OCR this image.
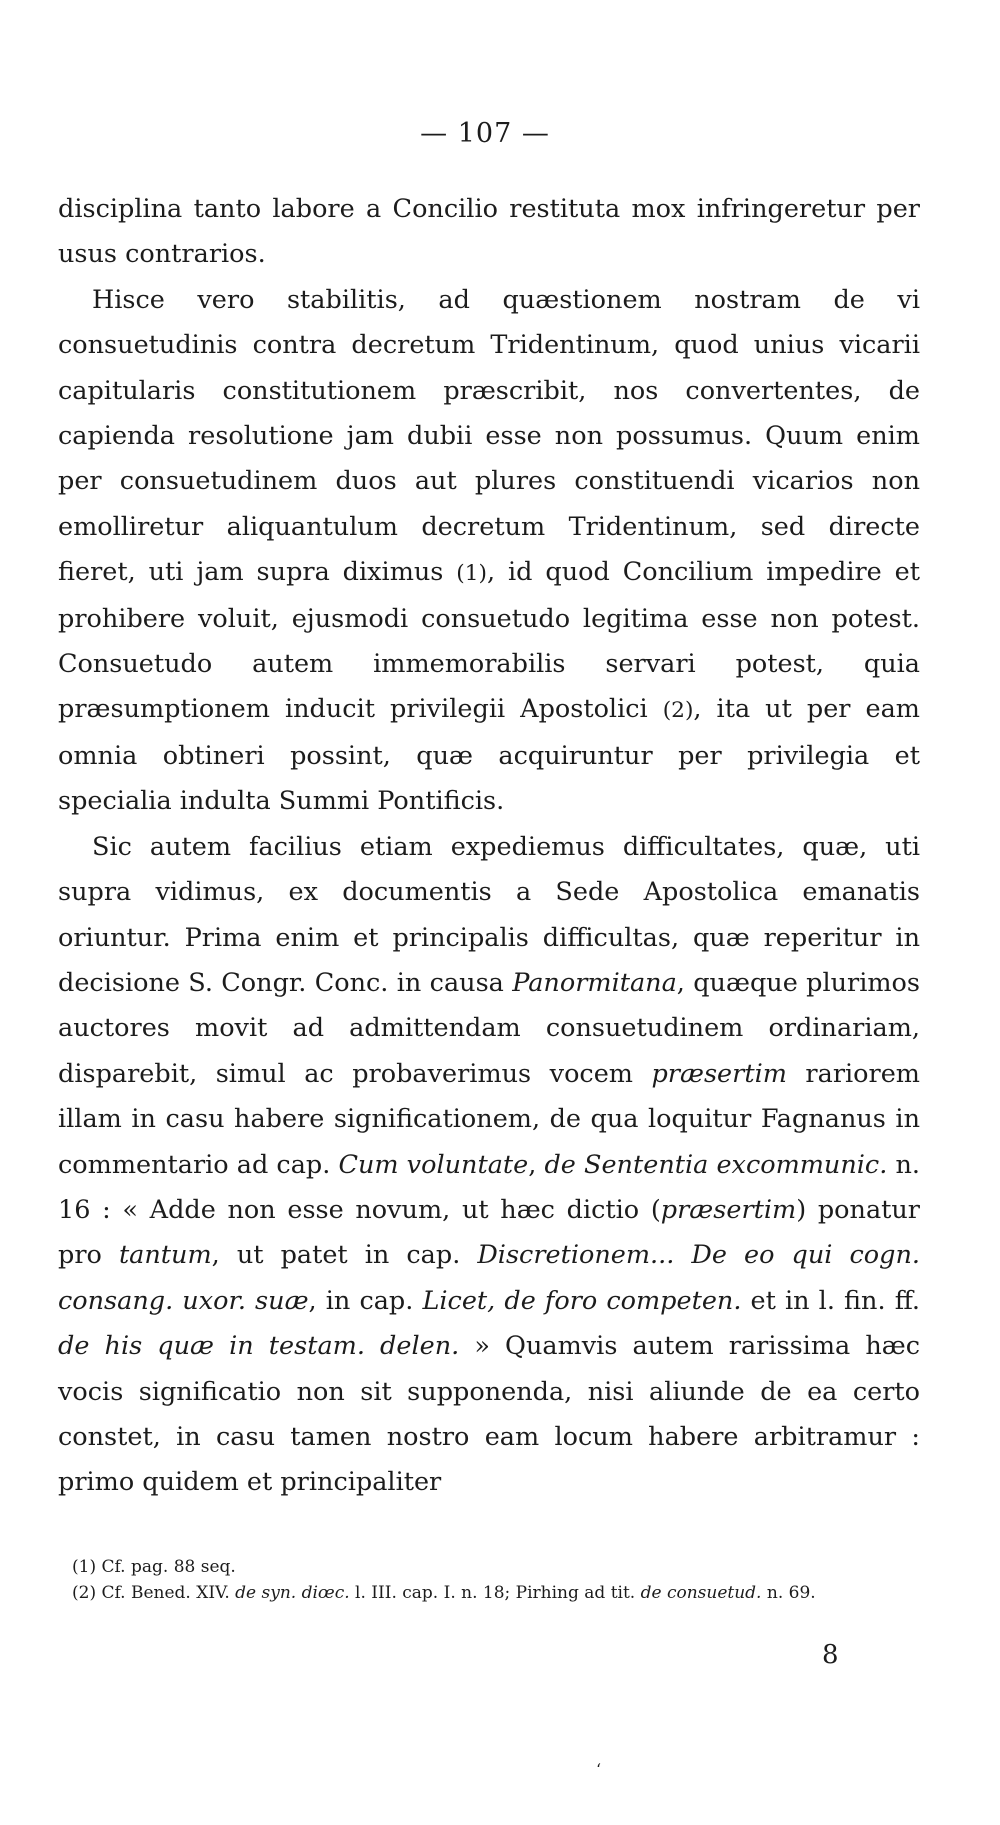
— 107 —

disciplina tanto labore a Concilio restituta mox infringeretur per usus contrarios.

Hisce vero stabilitis, ad quæstionem nostram de vi consuetudinis contra decretum Tridentinum, quod unius vicarii capitularis constitutionem præscribit, nos convertentes, de capienda resolutione jam dubii esse non possumus. Quum enim per consuetudinem duos aut plures constituendi vicarios non emolliretur aliquantulum decretum Tridentinum, sed directe fieret, uti jam supra diximus (1), id quod Concilium impedire et prohibere voluit, ejusmodi consuetudo legitima esse non potest. Consuetudo autem immemorabilis servari potest, quia præsumptionem inducit privilegii Apostolici (2), ita ut per eam omnia obtineri possint, quæ acquiruntur per privilegia et specialia indulta Summi Pontificis.

Sic autem facilius etiam expediemus difficultates, quæ, uti supra vidimus, ex documentis a Sede Apostolica emanatis oriuntur. Prima enim et principalis difficultas, quæ reperitur in decisione S. Congr. Conc. in causa Panormitana, quæque plurimos auctores movit ad admittendam consuetudinem ordinariam, disparebit, simul ac probaverimus vocem præsertim rariorem illam in casu habere significationem, de qua loquitur Fagnanus in commentario ad cap. Cum voluntate, de Sententia excommunic. n. 16 : « Adde non esse novum, ut hæc dictio (præsertim) ponatur pro tantum, ut patet in cap. Discretionem... De eo qui cogn. consang. uxor. suæ, in cap. Licet, de foro competen. et in l. fin. ff. de his quæ in testam. delen. » Quamvis autem rarissima hæc vocis significatio non sit supponenda, nisi aliunde de ea certo constet, in casu tamen nostro eam locum habere arbitramur : primo quidem et principaliter

(1) Cf. pag. 88 seq.

(2) Cf. Bened. XIV. de syn. diœc. l. III. cap. I. n. 18; Pirhing ad tit. de consuetud. n. 69.

8
ʻ
